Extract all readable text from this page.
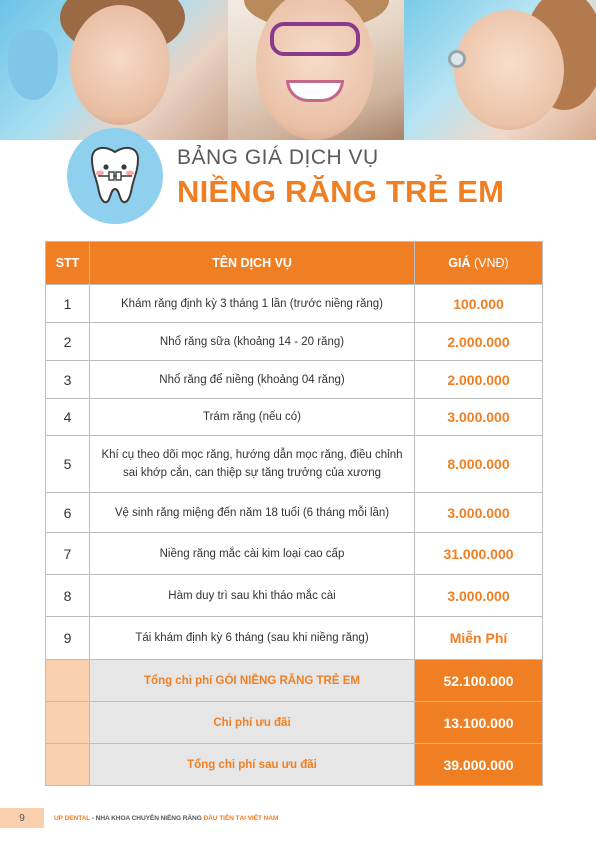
BẢNG GIÁ DỊCH VỤ
NIỀNG RĂNG TRẺ EM
STT	TÊN DỊCH VỤ	GIÁ (VNĐ)
1	Khám răng định kỳ 3 tháng 1 lần (trước niềng răng)	100.000
2	Nhổ răng sữa (khoảng 14 - 20 răng)	2.000.000
3	Nhổ răng để niềng (khoảng 04 răng)	2.000.000
4	Trám răng (nếu có)	3.000.000
5	Khí cụ theo dõi mọc răng, hướng dẫn mọc răng, điều chỉnh sai khớp cắn, can thiệp sự tăng trưởng của xương	8.000.000
6	Vệ sinh răng miệng đến năm 18 tuổi (6 tháng mỗi lần)	3.000.000
7	Niềng răng mắc cài kim loại cao cấp	31.000.000
8	Hàm duy trì sau khi tháo mắc cài	3.000.000
9	Tái khám định kỳ 6 tháng (sau khi niềng răng)	Miễn Phí
	Tổng chi phí GÓI NIỀNG RĂNG TRẺ EM	52.100.000
	Chi phí ưu đãi	13.100.000
	Tổng chi phí sau ưu đãi	39.000.000
9	UP DENTAL - NHA KHOA CHUYÊN NIỀNG RĂNG ĐẦU TIÊN TẠI VIỆT NAM
